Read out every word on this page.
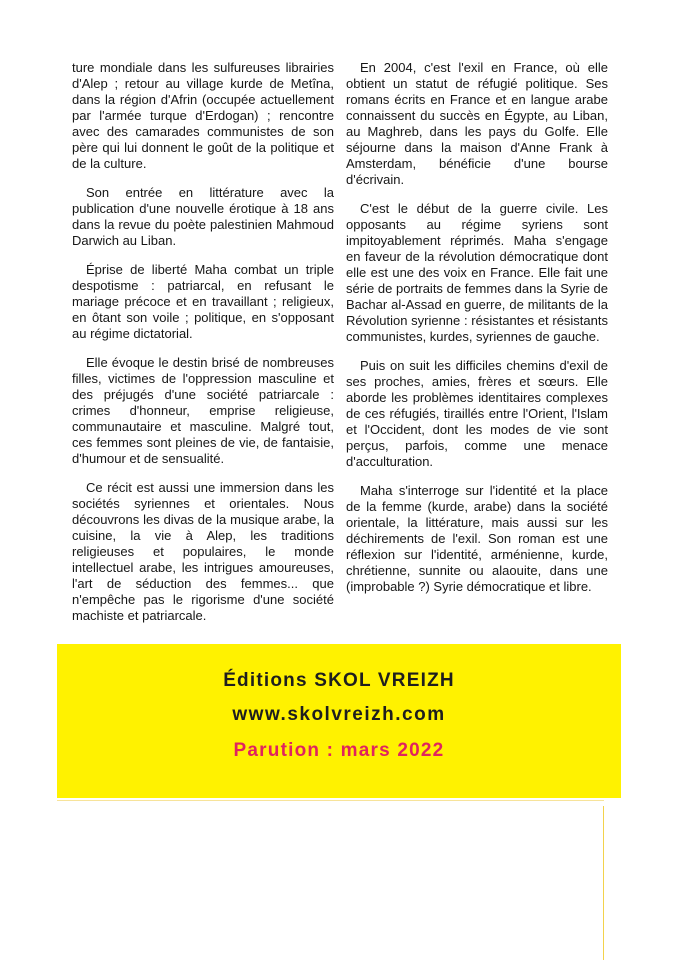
ture mondiale dans les sulfureuses librairies d'Alep ; retour au village kurde de Metîna, dans la région d'Afrin (occupée actuellement par l'armée turque d'Erdogan) ; rencontre avec des camarades communistes de son père qui lui donnent le goût de la politique et de la culture.

Son entrée en littérature avec la publication d'une nouvelle érotique à 18 ans dans la revue du poète palestinien Mahmoud Darwich au Liban.

Éprise de liberté Maha combat un triple despotisme : patriarcal, en refusant le mariage précoce et en travaillant ; religieux, en ôtant son voile ; politique, en s'opposant au régime dictatorial.

Elle évoque le destin brisé de nombreuses filles, victimes de l'oppression masculine et des préjugés d'une société patriarcale : crimes d'honneur, emprise religieuse, communautaire et masculine. Malgré tout, ces femmes sont pleines de vie, de fantaisie, d'humour et de sensualité.

Ce récit est aussi une immersion dans les sociétés syriennes et orientales. Nous découvrons les divas de la musique arabe, la cuisine, la vie à Alep, les traditions religieuses et populaires, le monde intellectuel arabe, les intrigues amoureuses, l'art de séduction des femmes... que n'empêche pas le rigorisme d'une société machiste et patriarcale.

En 2004, c'est l'exil en France, où elle obtient un statut de réfugié politique. Ses romans écrits en France et en langue arabe connaissent du succès en Égypte, au Liban, au Maghreb, dans les pays du Golfe. Elle séjourne dans la maison d'Anne Frank à Amsterdam, bénéficie d'une bourse d'écrivain.

C'est le début de la guerre civile. Les opposants au régime syriens sont impitoyablement réprimés. Maha s'engage en faveur de la révolution démocratique dont elle est une des voix en France. Elle fait une série de portraits de femmes dans la Syrie de Bachar al-Assad en guerre, de militants de la Révolution syrienne : résistantes et résistants communistes, kurdes, syriennes de gauche.

Puis on suit les difficiles chemins d'exil de ses proches, amies, frères et sœurs. Elle aborde les problèmes identitaires complexes de ces réfugiés, tiraillés entre l'Orient, l'Islam et l'Occident, dont les modes de vie sont perçus, parfois, comme une menace d'acculturation.

Maha s'interroge sur l'identité et la place de la femme (kurde, arabe) dans la société orientale, la littérature, mais aussi sur les déchirements de l'exil. Son roman est une réflexion sur l'identité, arménienne, kurde, chrétienne, sunnite ou alaouite, dans une (improbable ?) Syrie démocratique et libre.

Éditions SKOL VREIZH
www.skolvreizh.com
Parution : mars 2022
